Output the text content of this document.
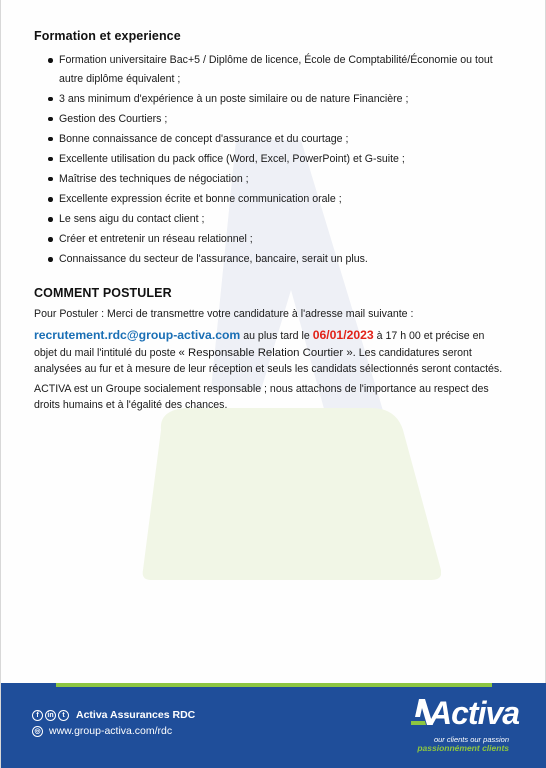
Formation et experience
Formation universitaire Bac+5 / Diplôme de licence, École de Comptabilité/Économie ou tout autre diplôme équivalent ;
3 ans minimum d'expérience à un poste similaire ou de nature Financière ;
Gestion des Courtiers ;
Bonne connaissance de concept d'assurance et du courtage ;
Excellente utilisation du pack office (Word, Excel, PowerPoint) et G-suite ;
Maîtrise des techniques de négociation ;
Excellente expression écrite et bonne communication orale ;
Le sens aigu du contact client ;
Créer et entretenir un réseau relationnel ;
Connaissance du secteur de l'assurance, bancaire, serait un plus.
COMMENT POSTULER

Pour Postuler : Merci de transmettre votre candidature à l'adresse mail suivante :

recrutement.rdc@group-activa.com au plus tard le 06/01/2023 à 17 h 00 et précise en objet du mail l'intitulé du poste « Responsable Relation Courtier ». Les candidatures seront analysées au fur et à mesure de leur réception et seuls les candidats sélectionnés seront contactés.

ACTIVA est un Groupe socialement responsable ; nous attachons de l'importance au respect des droits humains et à l'égalité des chances.

f	in	t	Activa Assurances RDC
◎ www.group-activa.com/rdc	Activa
our clients our passion
passionnément clients
